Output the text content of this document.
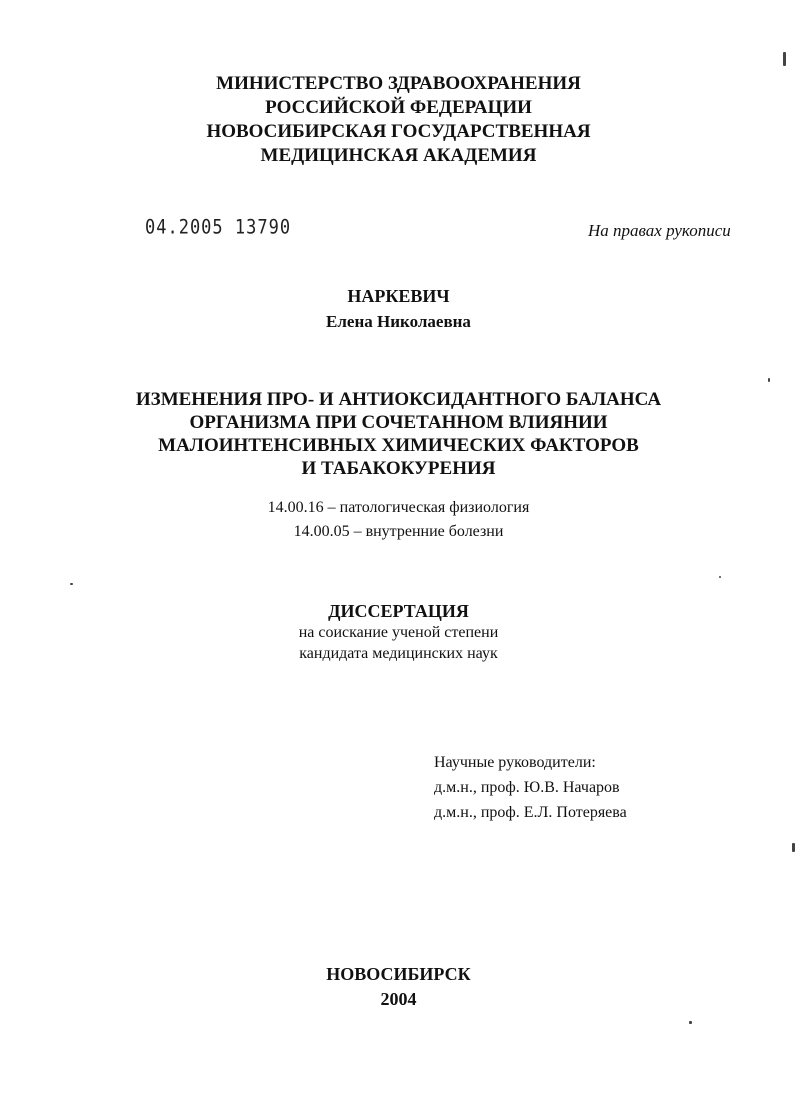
МИНИСТЕРСТВО ЗДРАВООХРАНЕНИЯ
РОССИЙСКОЙ ФЕДЕРАЦИИ
НОВОСИБИРСКАЯ ГОСУДАРСТВЕННАЯ
МЕДИЦИНСКАЯ АКАДЕМИЯ
04.2005 13790	На правах рукописи
НАРКЕВИЧ
Елена Николаевна
ИЗМЕНЕНИЯ ПРО- И АНТИОКСИДАНТНОГО БАЛАНСА
ОРГАНИЗМА ПРИ СОЧЕТАННОМ ВЛИЯНИИ
МАЛОИНТЕНСИВНЫХ ХИМИЧЕСКИХ ФАКТОРОВ
И ТАБАКОКУРЕНИЯ
14.00.16 – патологическая физиология
14.00.05 – внутренние болезни
ДИССЕРТАЦИЯ
на соискание ученой степени
кандидата медицинских наук
Научные руководители:
д.м.н., проф. Ю.В. Начаров
д.м.н., проф. Е.Л. Потеряева
НОВОСИБИРСК
2004
